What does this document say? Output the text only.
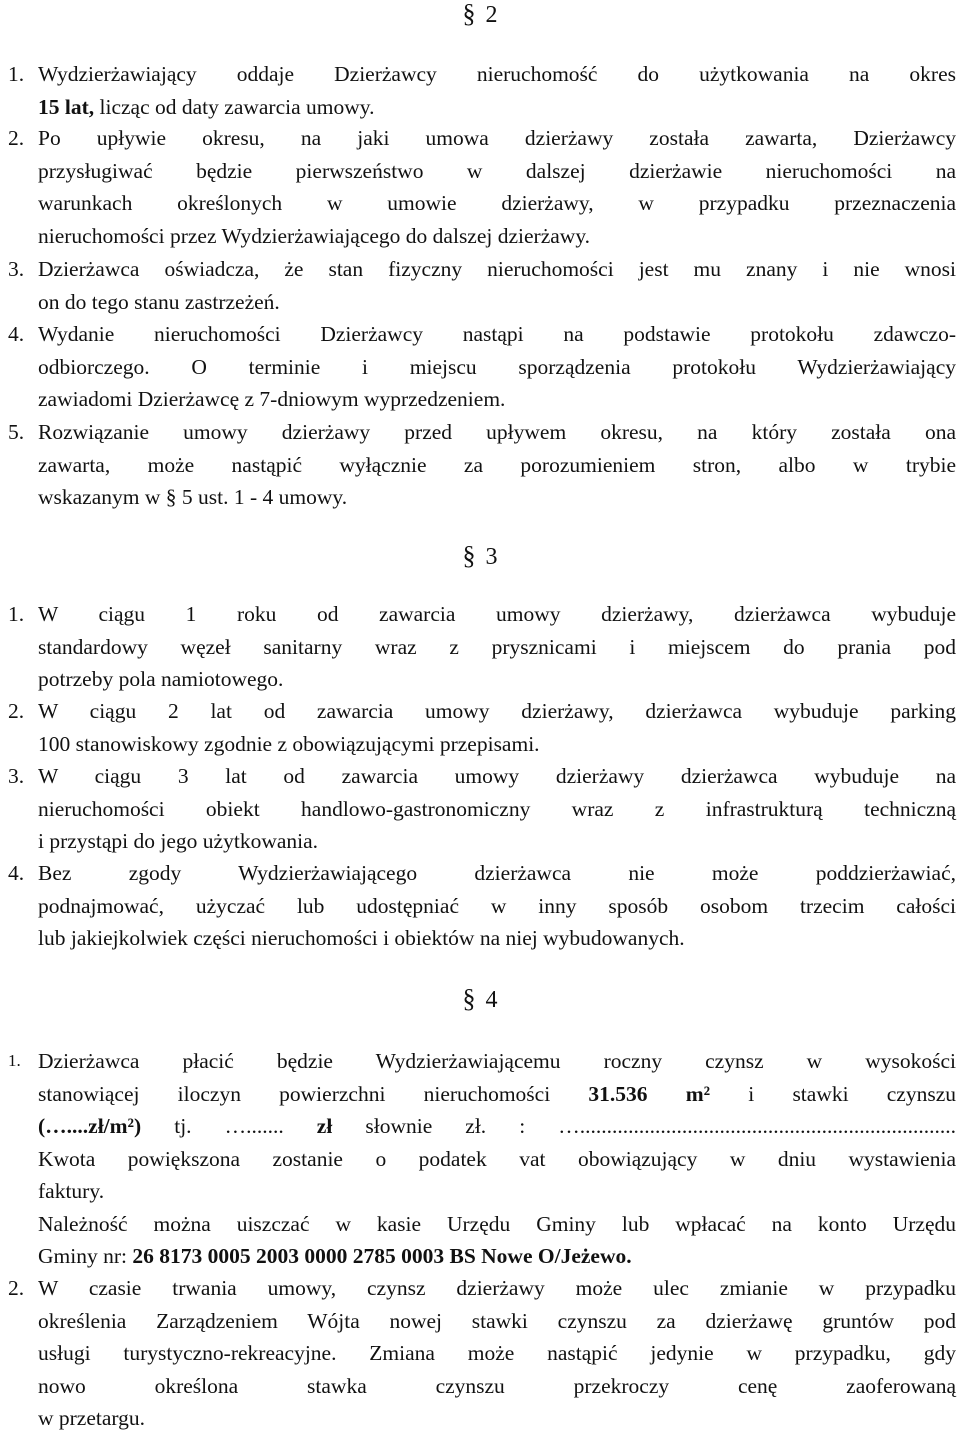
§ 2
1. Wydzierżawiający oddaje Dzierżawcy nieruchomość do użytkowania na okres
15 lat, licząc od daty zawarcia umowy.
2. Po upływie okresu, na jaki umowa dzierżawy została zawarta, Dzierżawcy
przysługiwać będzie pierwszeństwo w dalszej dzierżawie nieruchomości na
warunkach określonych w umowie dzierżawy, w przypadku przeznaczenia
nieruchomości przez Wydzierżawiającego do dalszej dzierżawy.
3. Dzierżawca oświadcza, że stan fizyczny nieruchomości jest mu znany i nie wnosi
on do tego stanu zastrzeżeń.
4. Wydanie nieruchomości Dzierżawcy nastąpi na podstawie protokołu zdawczo-
odbiorczego. O terminie i miejscu sporządzenia protokołu Wydzierżawiający
zawiadomi Dzierżawcę z 7-dniowym wyprzedzeniem.
5. Rozwiązanie umowy dzierżawy przed upływem okresu, na który została ona
zawarta, może nastąpić wyłącznie za porozumieniem stron, albo w trybie
wskazanym w § 5 ust. 1 - 4 umowy.
§ 3
1. W ciągu 1 roku od zawarcia umowy dzierżawy, dzierżawca wybuduje
standardowy węzeł sanitarny wraz z prysznicami i miejscem do prania pod
potrzeby pola namiotowego.
2. W ciągu 2 lat od zawarcia umowy dzierżawy, dzierżawca wybuduje parking
100 stanowiskowy zgodnie z obowiązującymi przepisami.
3. W ciągu 3 lat od zawarcia umowy dzierżawy dzierżawca wybuduje na
nieruchomości obiekt handlowo-gastronomiczny wraz z infrastrukturą techniczną
i przystąpi do jego użytkowania.
4. Bez zgody Wydzierżawiającego dzierżawca nie może poddzierżawiać,
podnajmować, użyczać lub udostępniać w inny sposób osobom trzecim całości
lub jakiejkolwiek części nieruchomości i obiektów na niej wybudowanych.
§ 4
1. Dzierżawca płacić będzie Wydzierżawiającemu roczny czynsz w wysokości
stanowiącej iloczyn powierzchni nieruchomości 31.536 m² i stawki czynszu
(…....zł/m²) tj. …....... zł słownie zł. : …......................................................................
Kwota powiększona zostanie o podatek vat obowiązujący w dniu wystawienia
faktury.
Należność można uiszczać w kasie Urzędu Gminy lub wpłacać na konto Urzędu
Gminy nr: 26 8173 0005 2003 0000 2785 0003 BS Nowe O/Jeżewo.
2. W czasie trwania umowy, czynsz dzierżawy może ulec zmianie w przypadku
określenia Zarządzeniem Wójta nowej stawki czynszu za dzierżawę gruntów pod
usługi turystyczno-rekreacyjne. Zmiana może nastąpić jedynie w przypadku, gdy
nowo określona stawka czynszu przekroczy cenę zaoferowaną
w przetargu.
